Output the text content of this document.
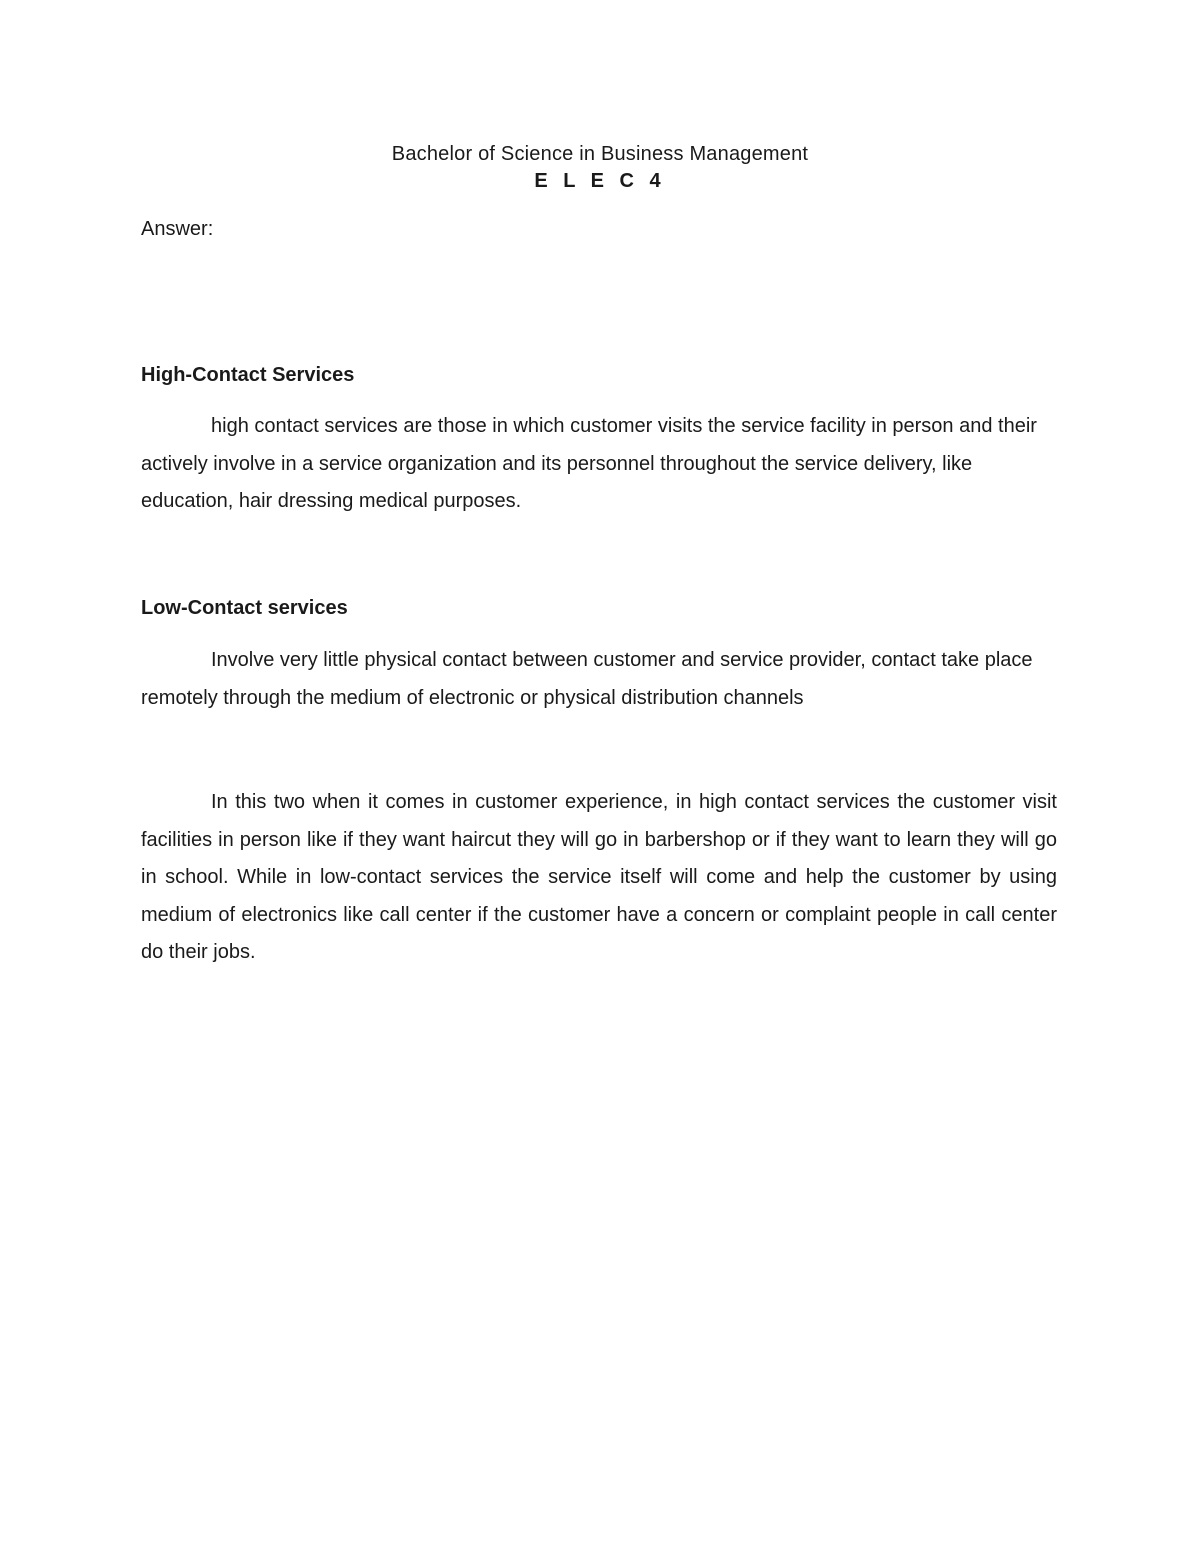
Bachelor of Science in Business Management
E L E C 4
Answer:
High-Contact Services
high contact services are those in which customer visits the service facility in person and their actively involve in a service organization and its personnel throughout the service delivery, like education, hair dressing medical purposes.
Low-Contact services
Involve very little physical contact between customer and service provider, contact take place remotely through the medium of electronic or physical distribution channels
In this two when it comes in customer experience, in high contact services the customer visit facilities in person like if they want haircut they will go in barbershop or if they want to learn they will go in school. While in low-contact services the service itself will come and help the customer by using medium of electronics like call center if the customer have a concern or complaint people in call center do their jobs.
